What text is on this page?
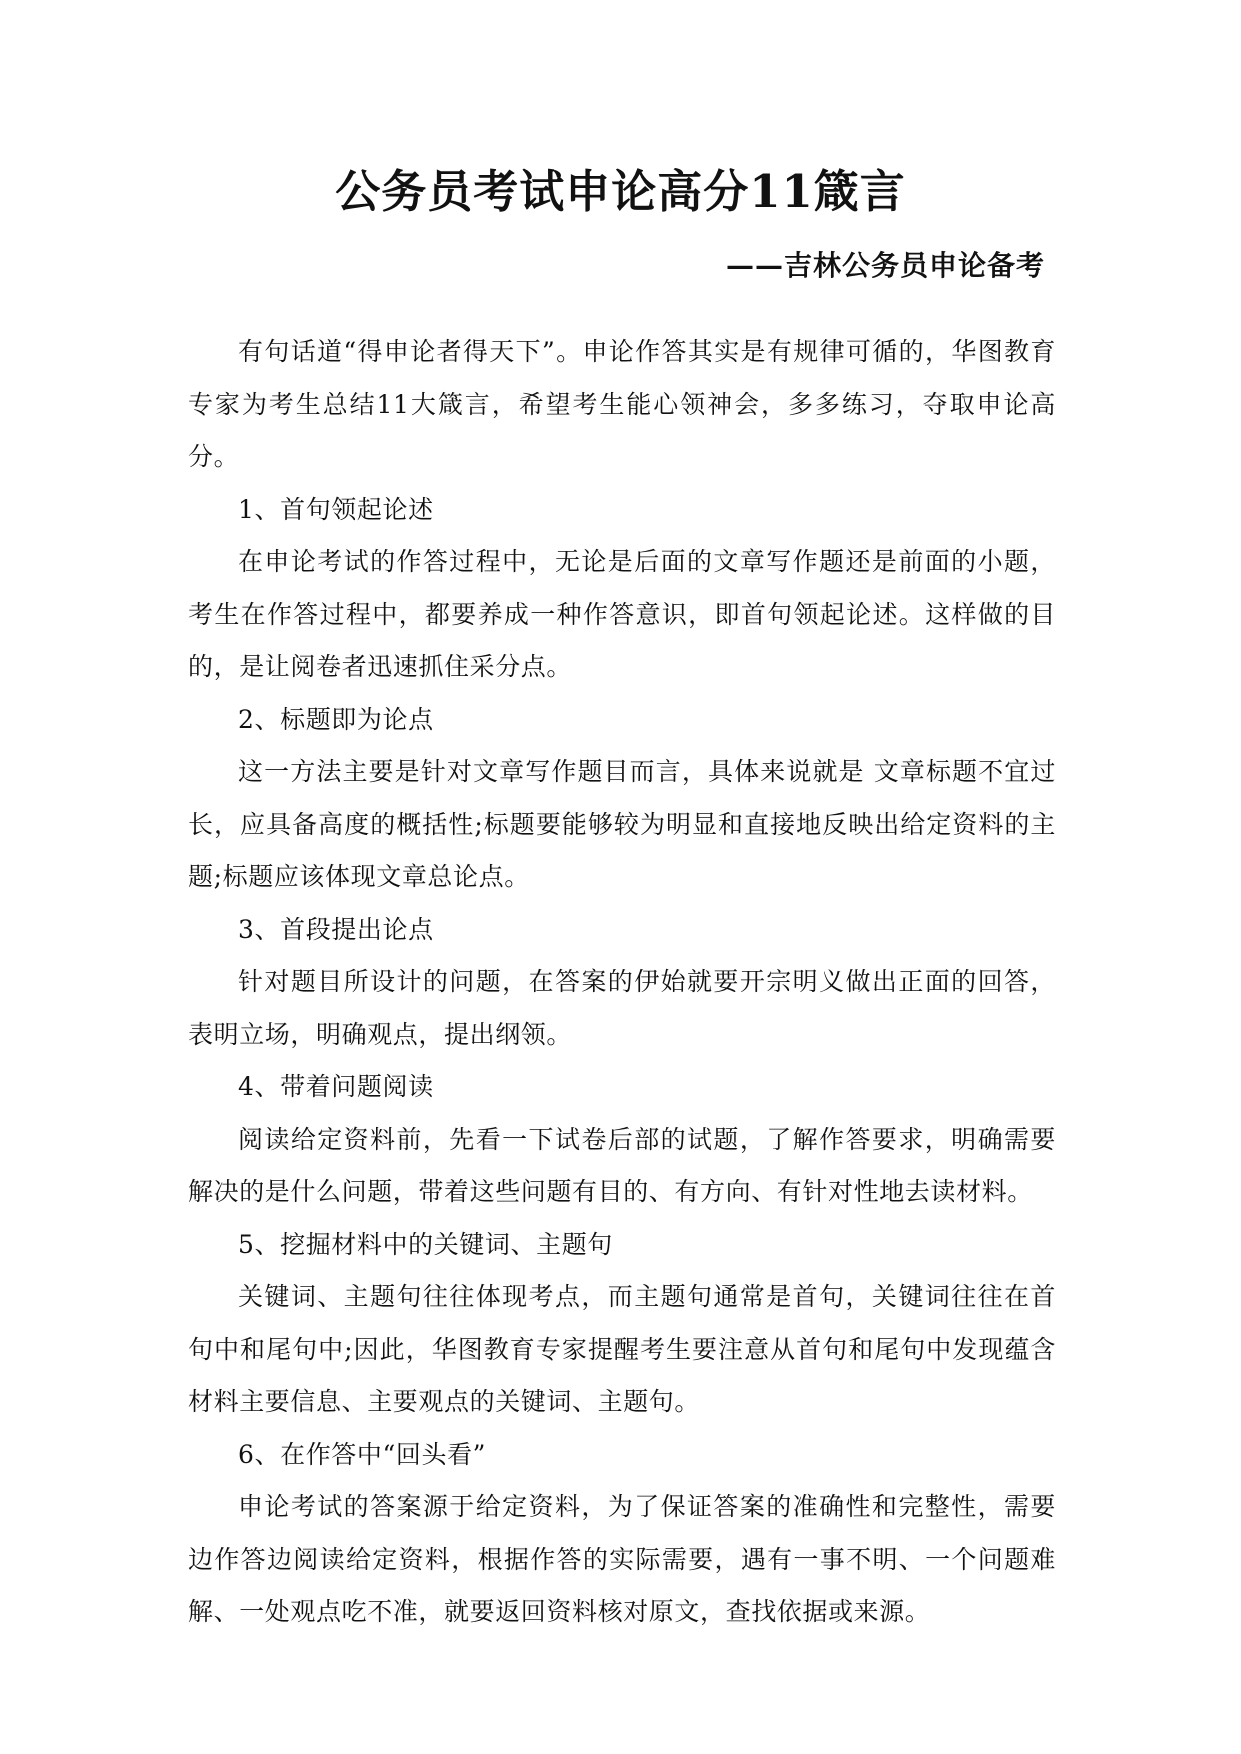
公务员考试申论高分11箴言
——吉林公务员申论备考

有句话道“得申论者得天下”。申论作答其实是有规律可循的，华图教育专家为考生总结11大箴言，希望考生能心领神会，多多练习，夺取申论高分。

1、首句领起论述

在申论考试的作答过程中，无论是后面的文章写作题还是前面的小题，考生在作答过程中，都要养成一种作答意识，即首句领起论述。这样做的目的，是让阅卷者迅速抓住采分点。

2、标题即为论点

这一方法主要是针对文章写作题目而言，具体来说就是 文章标题不宜过长，应具备高度的概括性;标题要能够较为明显和直接地反映出给定资料的主题;标题应该体现文章总论点。

3、首段提出论点

针对题目所设计的问题，在答案的伊始就要开宗明义做出正面的回答，表明立场，明确观点，提出纲领。

4、带着问题阅读

阅读给定资料前，先看一下试卷后部的试题，了解作答要求，明确需要解决的是什么问题，带着这些问题有目的、有方向、有针对性地去读材料。

5、挖掘材料中的关键词、主题句

关键词、主题句往往体现考点，而主题句通常是首句，关键词往往在首句中和尾句中;因此，华图教育专家提醒考生要注意从首句和尾句中发现蕴含材料主要信息、主要观点的关键词、主题句。

6、在作答中“回头看”

申论考试的答案源于给定资料，为了保证答案的准确性和完整性，需要边作答边阅读给定资料，根据作答的实际需要，遇有一事不明、一个问题难解、一处观点吃不准，就要返回资料核对原文，查找依据或来源。
